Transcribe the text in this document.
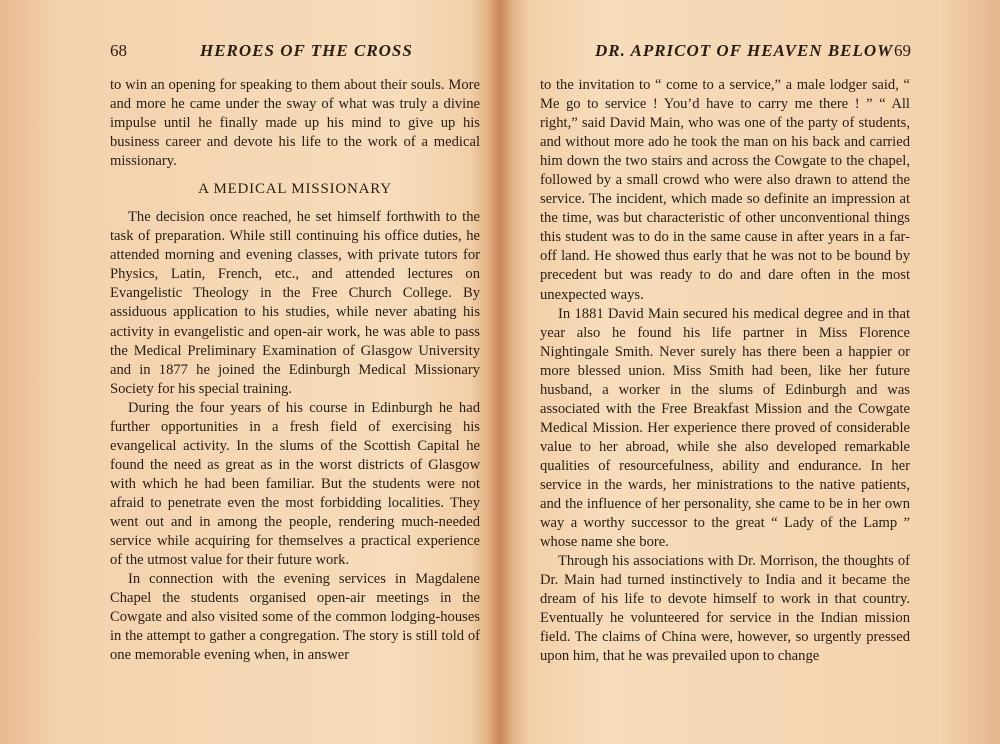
68	HEROES OF THE CROSS

to win an opening for speaking to them about their souls. More and more he came under the sway of what was truly a divine impulse until he finally made up his mind to give up his business career and devote his life to the work of a medical missionary.

A MEDICAL MISSIONARY

The decision once reached, he set himself forthwith to the task of preparation. While still continuing his office duties, he attended morning and evening classes, with private tutors for Physics, Latin, French, etc., and attended lectures on Evangelistic Theology in the Free Church College. By assiduous application to his studies, while never abating his activity in evangelistic and open-air work, he was able to pass the Medical Preliminary Examination of Glasgow University and in 1877 he joined the Edinburgh Medical Missionary Society for his special training.

During the four years of his course in Edinburgh he had further opportunities in a fresh field of exercising his evangelical activity. In the slums of the Scottish Capital he found the need as great as in the worst districts of Glasgow with which he had been familiar. But the students were not afraid to penetrate even the most forbidding localities. They went out and in among the people, rendering much-needed service while acquiring for themselves a practical experience of the utmost value for their future work.

In connection with the evening services in Magdalene Chapel the students organised open-air meetings in the Cowgate and also visited some of the common lodging-houses in the attempt to gather a congregation. The story is still told of one memorable evening when, in answer

DR. APRICOT OF HEAVEN BELOW 69

to the invitation to “ come to a service,” a male lodger said, “ Me go to service ! You’d have to carry me there ! ” “ All right,” said David Main, who was one of the party of students, and without more ado he took the man on his back and carried him down the two stairs and across the Cowgate to the chapel, followed by a small crowd who were also drawn to attend the service. The incident, which made so definite an impression at the time, was but characteristic of other unconventional things this student was to do in the same cause in after years in a far-off land. He showed thus early that he was not to be bound by precedent but was ready to do and dare often in the most unexpected ways.

In 1881 David Main secured his medical degree and in that year also he found his life partner in Miss Florence Nightingale Smith. Never surely has there been a happier or more blessed union. Miss Smith had been, like her future husband, a worker in the slums of Edinburgh and was associated with the Free Breakfast Mission and the Cowgate Medical Mission. Her experience there proved of considerable value to her abroad, while she also developed remarkable qualities of resourcefulness, ability and endurance. In her service in the wards, her ministrations to the native patients, and the influence of her personality, she came to be in her own way a worthy successor to the great “ Lady of the Lamp ” whose name she bore.

Through his associations with Dr. Morrison, the thoughts of Dr. Main had turned instinctively to India and it became the dream of his life to devote himself to work in that country. Eventually he volunteered for service in the Indian mission field. The claims of China were, however, so urgently pressed upon him, that he was prevailed upon to change
